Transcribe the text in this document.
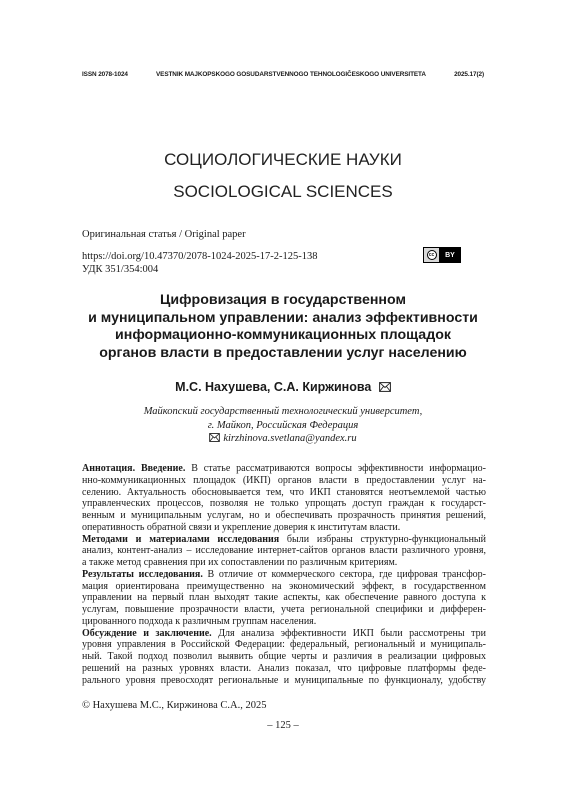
ISSN 2078-1024	VESTNIK MAJKOPSKOGO GOSUDARSTVENNOGO TEHNOLOGIČESKOGO UNIVERSITETA	2025.17(2)
СОЦИОЛОГИЧЕСКИЕ НАУКИ
SOCIOLOGICAL SCIENCES
Оригинальная статья / Original paper
https://doi.org/10.47370/2078-1024-2025-17-2-125-138
УДК 351/354:004
cc	BY
Цифровизация в государственном
и муниципальном управлении: анализ эффективности
информационно-коммуникационных площадок
органов власти в предоставлении услуг населению
М.С. Нахушева, С.А. Киржинова
Майкопский государственный технологический университет,
г. Майкоп, Российская Федерация
kirzhinova.svetlana@yandex.ru
Аннотация. Введение. В статье рассматриваются вопросы эффективности информацио-
нно-коммуникационных площадок (ИКП) органов власти в предоставлении услуг на-
селению. Актуальность обосновывается тем, что ИКП становятся неотъемлемой частью
управленческих процессов, позволяя не только упрощать доступ граждан к государст-
венным и муниципальным услугам, но и обеспечивать прозрачность принятия решений,
оперативность обратной связи и укрепление доверия к институтам власти.
Методами и материалами исследования были избраны структурно-функциональный
анализ, контент-анализ – исследование интернет-сайтов органов власти различного уровня,
а также метод сравнения при их сопоставлении по различным критериям.
Результаты исследования. В отличие от коммерческого сектора, где цифровая трансфор-
мация ориентирована преимущественно на экономический эффект, в государственном
управлении на первый план выходят такие аспекты, как обеспечение равного доступа к
услугам, повышение прозрачности власти, учета региональной специфики и дифферен-
цированного подхода к различным группам населения.
Обсуждение и заключение. Для анализа эффективности ИКП были рассмотрены три
уровня управления в Российской Федерации: федеральный, региональный и муниципаль-
ный. Такой подход позволил выявить общие черты и различия в реализации цифровых
решений на разных уровнях власти. Анализ показал, что цифровые платформы феде-
рального уровня превосходят региональные и муниципальные по функционалу, удобству
© Нахушева М.С., Киржинова С.А., 2025
– 125 –
